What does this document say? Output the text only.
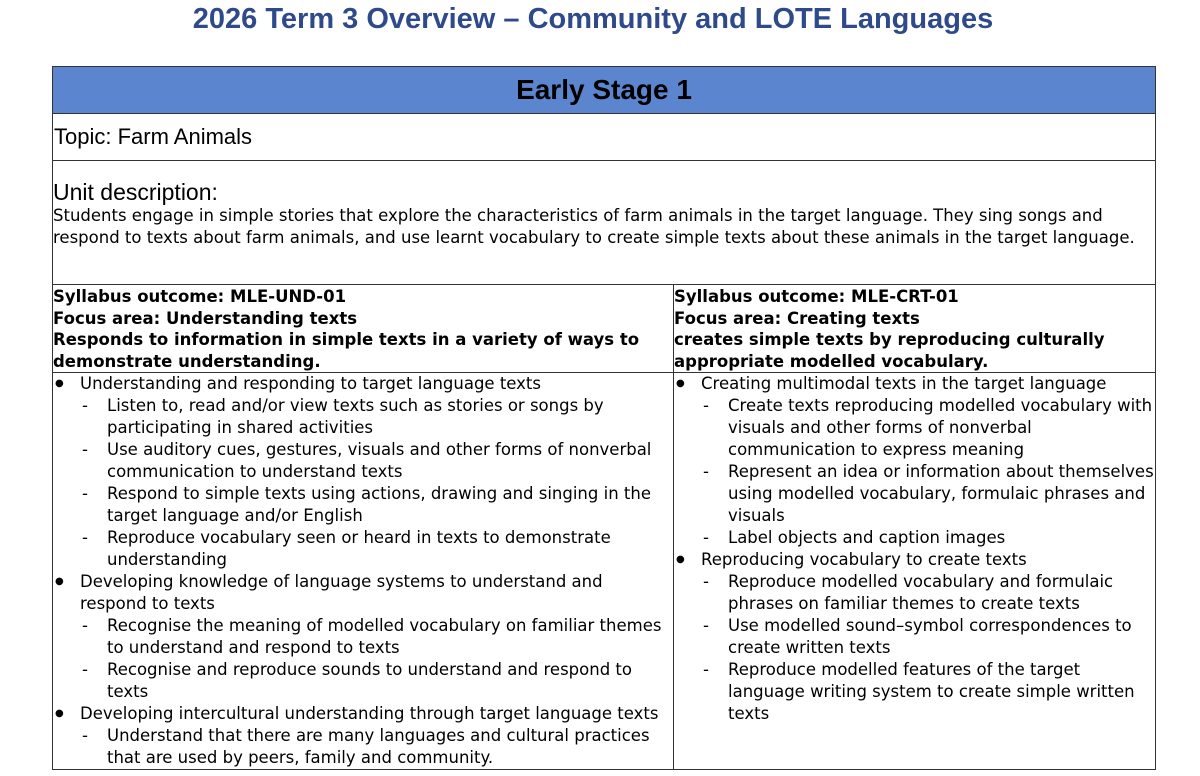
2026 Term 3 Overview – Community and LOTE Languages
Early Stage 1
Topic: Farm Animals

Unit description:
Students engage in simple stories that explore the characteristics of farm animals in the target language. They sing songs and respond to texts about farm animals, and use learnt vocabulary to create simple texts about these animals in the target language.

Syllabus outcome: MLE-UND-01
Focus area: Understanding texts
Responds to information in simple texts in a variety of ways to demonstrate understanding.
● Understanding and responding to target language texts
- Listen to, read and/or view texts such as stories or songs by participating in shared activities
- Use auditory cues, gestures, visuals and other forms of nonverbal communication to understand texts
- Respond to simple texts using actions, drawing and singing in the target language and/or English
- Reproduce vocabulary seen or heard in texts to demonstrate understanding
● Developing knowledge of language systems to understand and respond to texts
- Recognise the meaning of modelled vocabulary on familiar themes to understand and respond to texts
- Recognise and reproduce sounds to understand and respond to texts
● Developing intercultural understanding through target language texts
- Understand that there are many languages and cultural practices that are used by peers, family and community.

Syllabus outcome: MLE-CRT-01
Focus area: Creating texts
creates simple texts by reproducing culturally appropriate modelled vocabulary.
● Creating multimodal texts in the target language
- Create texts reproducing modelled vocabulary with visuals and other forms of nonverbal communication to express meaning
- Represent an idea or information about themselves using modelled vocabulary, formulaic phrases and visuals
- Label objects and caption images
● Reproducing vocabulary to create texts
- Reproduce modelled vocabulary and formulaic phrases on familiar themes to create texts
- Use modelled sound–symbol correspondences to create written texts
- Reproduce modelled features of the target language writing system to create simple written texts
